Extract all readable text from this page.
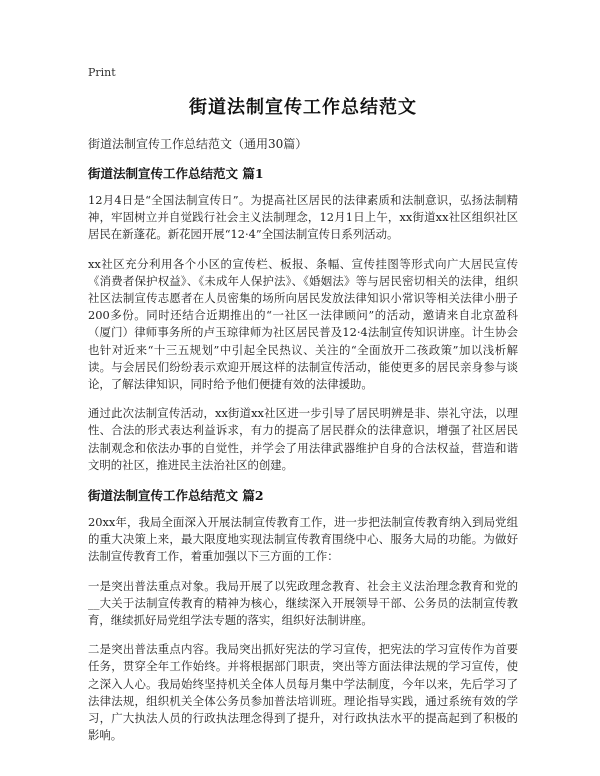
Print
街道法制宣传工作总结范文

街道法制宣传工作总结范文（通用30篇）

街道法制宣传工作总结范文 篇1

12月4日是“全国法制宣传日”。为提高社区居民的法律素质和法制意识，弘扬法制精神，牢固树立并自觉践行社会主义法制理念，12月1日上午，xx街道xx社区组织社区居民在新蓬花。新花园开展“12·4”全国法制宣传日系列活动。

xx社区充分利用各个小区的宣传栏、板报、条幅、宣传挂图等形式向广大居民宣传《消费者保护权益》、《未成年人保护法》、《婚姻法》等与居民密切相关的法律，组织社区法制宣传志愿者在人员密集的场所向居民发放法律知识小常识等相关法律小册子200多份。同时还结合近期推出的“一社区一法律顾问”的活动，邀请来自北京盈科（厦门）律师事务所的卢玉琼律师为社区居民普及12·4法制宣传知识讲座。计生协会也针对近来“十三五规划”中引起全民热议、关注的“全面放开二孩政策”加以浅析解读。与会居民们纷纷表示欢迎开展这样的法制宣传活动，能使更多的居民亲身参与谈论，了解法律知识，同时给予他们便捷有效的法律援助。

通过此次法制宣传活动，xx街道xx社区进一步引导了居民明辨是非、崇礼守法，以理性、合法的形式表达利益诉求，有力的提高了居民群众的法律意识，增强了社区居民法制观念和依法办事的自觉性，并学会了用法律武器维护自身的合法权益，营造和谐文明的社区，推进民主法治社区的创建。

街道法制宣传工作总结范文 篇2

20xx年，我局全面深入开展法制宣传教育工作，进一步把法制宣传教育纳入到局党组的重大决策上来，最大限度地实现法制宣传教育围绕中心、服务大局的功能。为做好法制宣传教育工作，着重加强以下三方面的工作：

一是突出普法重点对象。我局开展了以宪政理念教育、社会主义法治理念教育和党的__大关于法制宣传教育的精神为核心，继续深入开展领导干部、公务员的法制宣传教育，继续抓好局党组学法专题的落实，组织好法制讲座。

二是突出普法重点内容。我局突出抓好宪法的学习宣传，把宪法的学习宣传作为首要任务，贯穿全年工作始终。并将根据部门职责，突出等方面法律法规的学习宣传，使之深入人心。我局始终坚持机关全体人员每月集中学法制度，今年以来，先后学习了法律法规，组织机关全体公务员参加普法培训班。理论指导实践，通过系统有效的学习，广大执法人员的行政执法理念得到了提升，对行政执法水平的提高起到了积极的影响。
